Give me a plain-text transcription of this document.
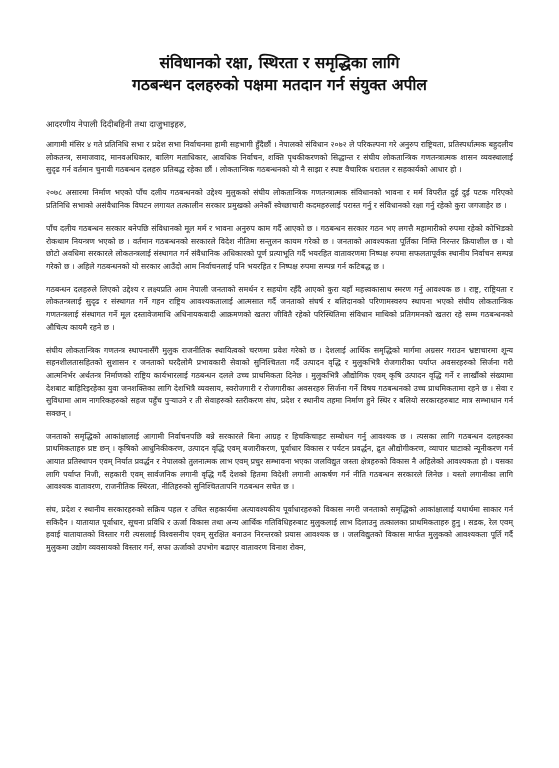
संविधानको रक्षा, स्थिरता र समृद्धिका लागि
गठबन्धन दलहरुको पक्षमा मतदान गर्न संयुक्त अपील

आदरणीय नेपाली दिदीबहिनी तथा दाजुभाइहरु,

आगामी मंसिर ४ गते प्रतिनिधि सभा र प्रदेश सभा निर्वाचनमा हामी सहभागी हुँदैछौं । नेपालको संविधान २०७२ ले परिकल्पना गरे अनुरुप राष्ट्रियता, प्रतिस्पर्धात्मक बहुदलीय लोकतन्त्र, समाजवाद, मानवअधिकार, बालिग मताधिकार, आवधिक निर्वाचन, शक्ति पृथकीकरणको सिद्धान्त र संघीय लोकतान्त्रिक गणतन्त्रात्मक शासन व्यवस्थालाई सुदृढ गर्न वर्तमान चुनावी गठबन्धन दलहरु प्रतिबद्ध रहेका छौं । लोकतान्त्रिक गठबन्धनको यो नै साझा र स्पष्ट वैचारिक धरातल र सहकार्यको आधार हो ।

२०७८ असारमा निर्माण भएको पाँच दलीय गठबन्धनको उद्देश्य मुलुकको संघीय लोकतान्त्रिक गणतन्त्रात्मक संविधानको भावना र मर्म विपरीत दुई दुई पटक गरिएको प्रतिनिधि सभाको असंवैधानिक विघटन लगायत तत्कालीन सरकार प्रमुखको अनेकौं स्वेच्छाचारी कदमहरुलाई परास्त गर्नु र संविधानको रक्षा गर्नु रहेको कुरा जगजाहेर छ ।

पाँच दलीय गठबन्धन सरकार बनेपछि संविधानको मूल मर्म र भावना अनुरुप काम गर्दै आएको छ । गठबन्धन सरकार गठन भए लगत्तै महामारीको रुपमा रहेको कोभिडको रोकथाम नियन्त्रण भएको छ । वर्तमान गठबन्धनको सरकारले विदेश नीतिमा सन्तुलन कायम गरेको छ । जनताको आवश्यकता पूर्तिका निम्ति निरन्तर क्रियाशील छ । यो छोटो अवधिमा सरकारले लोकतन्त्रलाई संस्थागत गर्न संवैधानिक अधिकारको पूर्ण प्रत्याभूति गर्दै भयरहित वातावरणमा निष्पक्ष रुपमा सफलतापूर्वक स्थानीय निर्वाचन सम्पन्न गरेको छ । अहिले गठबन्धनको यो सरकार आउँदो आम निर्वाचनलाई पनि भयरहित र निष्पक्ष रुपमा सम्पन्न गर्न कटिबद्ध छ ।

गठबन्धन दलहरुले लिएको उद्देश्य र लक्ष्यप्रति आम नेपाली जनताको समर्थन र सहयोग रहँदै आएको कुरा यहाँ महत्त्वकासाथ स्मरण गर्नु आवश्यक छ । राष्ट्र, राष्ट्रियता र लोकतन्त्रलाई सुदृढ र संस्थागत गर्ने गहन राष्ट्रिय आवश्यकतालाई आत्मसात गर्दै जनताको संघर्ष र बलिदानको परिणामस्वरुप स्थापना भएको संघीय लोकतान्त्रिक गणतन्त्रलाई संस्थागत गर्ने मूल दस्तावेजमाथि अधिनायकवादी आक्रमणको खतरा जीवितै रहेको परिस्थितिमा संविधान माथिको प्रतिगमनको खतरा रहे सम्म गठबन्धनको औचित्य कायमै रहने छ ।

संघीय लोकतान्त्रिक गणतन्त्र स्थापनासँगै मुलुक राजनीतिक स्थायित्वको चरणमा प्रवेश गरेको छ । देशलाई आर्थिक समृद्धिको मार्गमा अग्रसर गराउन भ्रष्टाचारमा शून्य सहनशीलतासहितको सुशासन र जनताको घरदैलोमै प्रभावकारी सेवाको सुनिश्चितता गर्दै उत्पादन वृद्धि र मुलुकभित्रै रोजगारीका पर्याप्त अवसरहरुको सिर्जना गरी आत्मनिर्भर अर्थतन्त्र निर्माणको राष्ट्रिय कार्यभारलाई गठबन्धन दलले उच्च प्राथमिकता दिनेछ । मुलुकभित्रै औद्योगिक एवम् कृषि उत्पादन वृद्धि गर्ने र लाखौंको संख्यामा देशबाट बाहिरिइरहेका युवा जनशक्तिका लागि देशभित्रै व्यवसाय, स्वरोजगारी र रोजगारीका अवसरहरु सिर्जना गर्ने विषय गठबन्धनको उच्च प्राथमिकतामा रहने छ । सेवा र सुविधामा आम नागरिकहरुको सहज पहुँच पुऱ्याउने र ती सेवाहरुको स्तरीकरण संघ, प्रदेश र स्थानीय तहमा निर्माण हुने स्थिर र बलियो सरकारहरुबाट मात्र सम्भाधान गर्न सक्छन् ।

जनताको समृद्धिको आकांक्षालाई आगामी निर्वाचनपछि बन्ने सरकारले बिना आग्रह र हिचकिचाहट सम्बोधन गर्नु आवश्यक छ । त्यसका लागि गठबन्धन दलहरुका प्राथमिकताहरु प्रष्ट छन् । कृषिको आधुनिकीकरण, उत्पादन वृद्धि एवम् बजारीकरण, पूर्वाधार विकास र पर्यटन प्रवर्द्धन, द्रुत औद्योगीकरण, व्यापार घाटाको न्यूनीकरण गर्न आयात प्रतिस्थापन एवम् निर्यात प्रवर्द्धन र नेपालको तुलनात्मक लाभ एवम् प्रचुर सम्भावना भएका जलविद्युत जस्ता क्षेत्रहरुको विकास नै अहिलेको आवश्यकता हो । यसका लागि पर्याप्त निजी, सहकारी एवम् सार्वजनिक लगानी वृद्धि गर्दै देशको हितमा विदेशी लगानी आकर्षण गर्न नीति गठबन्धन सरकारले लिनेछ । यस्तो लगानीका लागि आवश्यक वातावरण, राजनीतिक स्थिरता, नीतिहरुको सुनिश्चिततापनि गठबन्धन सचेत छ ।

संघ, प्रदेश र स्थानीय सरकारहरुको सक्रिय पहल र उचित सहकार्यमा अत्यावश्यकीय पूर्वाधारहरुको विकास नगरी जनताको समृद्धिको आकांक्षालाई यथार्थमा साकार गर्न सकिदैन । यातायात पूर्वाधार, सूचना प्रविधि र ऊर्जा विकास तथा अन्य आर्थिक गतिविधिहरुबाट मुलुकलाई लाभ दिलाउनु तत्कालका प्राथमिकताहरु हुनु । सडक, रेल एवम् हवाई यातायातको विस्तार गरी त्यसलाई विश्वसनीय एवम् सुरक्षित बनाउन निरन्तरको प्रयास आवश्यक छ । जलविद्युतको विकास मार्फत मुलुकको आवश्यकता पूर्ति गर्दै मुलुकमा उद्योग व्यवसायको विस्तार गर्न, सफा ऊर्जाको उपभोग बढाएर वातावरण विनाश रोक्न,
